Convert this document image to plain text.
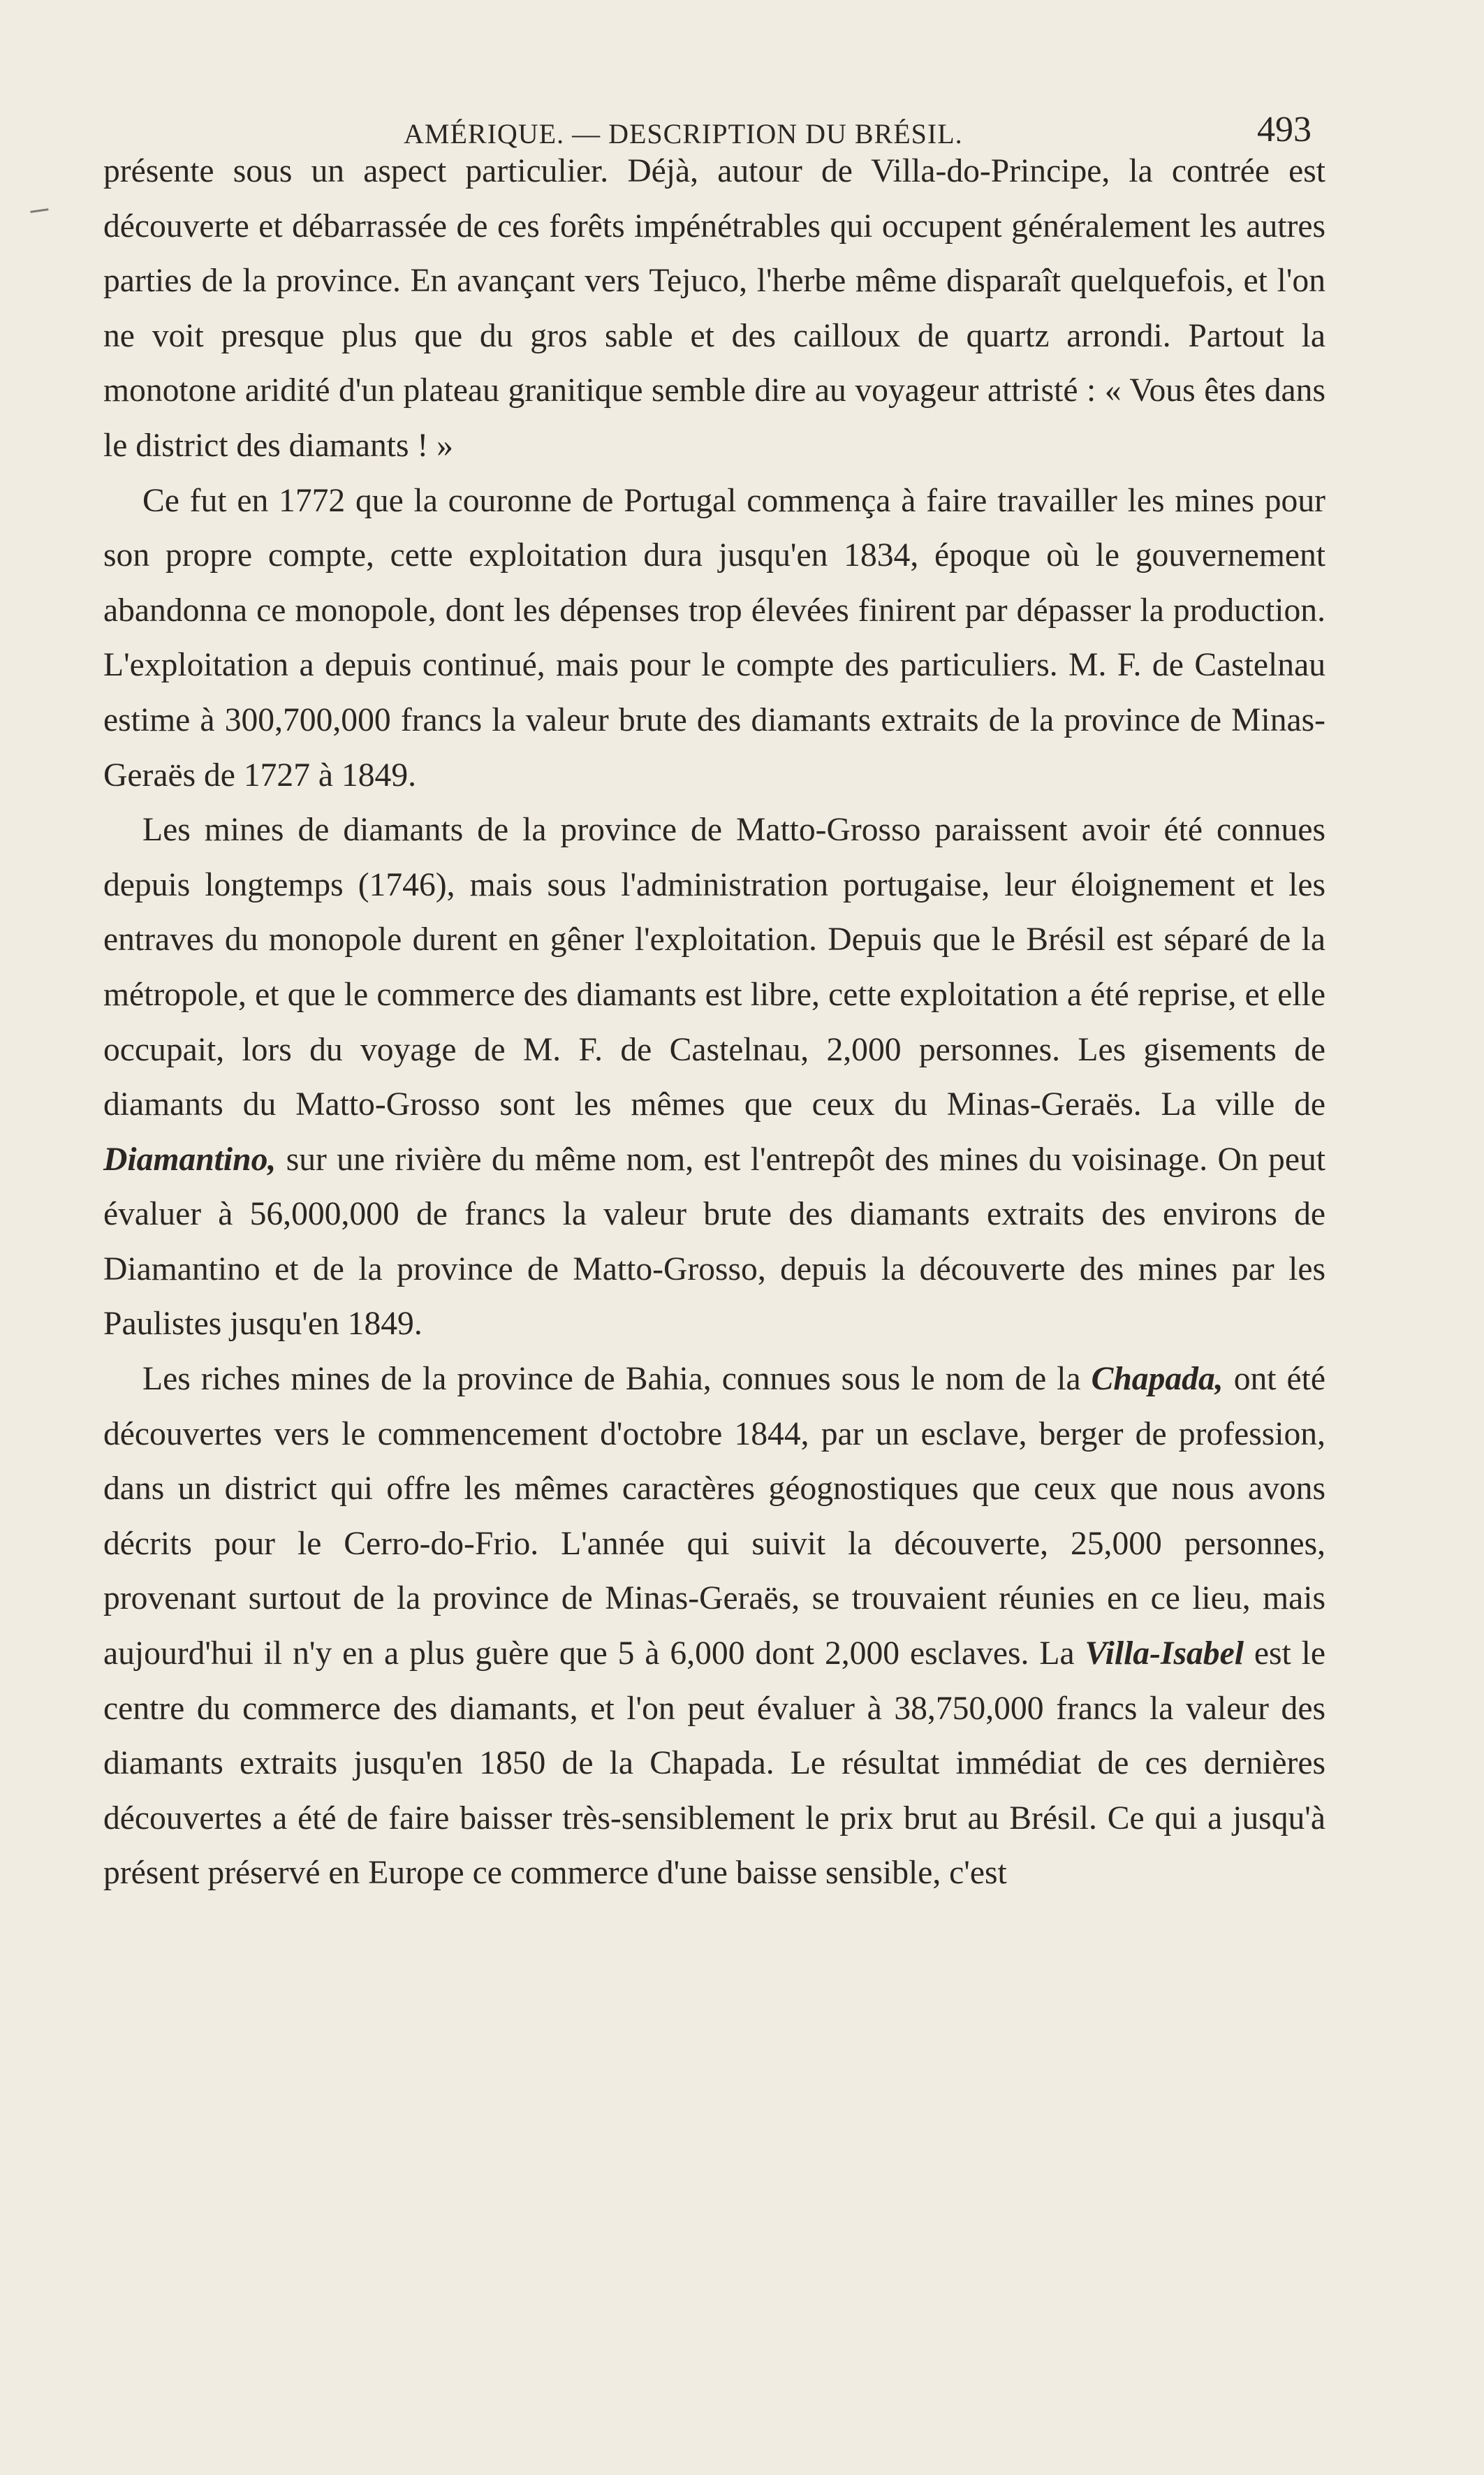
AMÉRIQUE. — DESCRIPTION DU BRÉSIL.	493

présente sous un aspect particulier. Déjà, autour de Villa-do-Principe, la contrée est découverte et débarrassée de ces forêts impénétrables qui occupent généralement les autres parties de la province. En avançant vers Tejuco, l'herbe même disparaît quelquefois, et l'on ne voit presque plus que du gros sable et des cailloux de quartz arrondi. Partout la monotone aridité d'un plateau granitique semble dire au voyageur attristé : « Vous êtes dans le district des diamants ! »

Ce fut en 1772 que la couronne de Portugal commença à faire travailler les mines pour son propre compte, cette exploitation dura jusqu'en 1834, époque où le gouvernement abandonna ce monopole, dont les dépenses trop élevées finirent par dépasser la production. L'exploitation a depuis continué, mais pour le compte des particuliers. M. F. de Castelnau estime à 300,700,000 francs la valeur brute des diamants extraits de la province de Minas-Geraës de 1727 à 1849.

Les mines de diamants de la province de Matto-Grosso paraissent avoir été connues depuis longtemps (1746), mais sous l'administration portugaise, leur éloignement et les entraves du monopole durent en gêner l'exploitation. Depuis que le Brésil est séparé de la métropole, et que le commerce des diamants est libre, cette exploitation a été reprise, et elle occupait, lors du voyage de M. F. de Castelnau, 2,000 personnes. Les gisements de diamants du Matto-Grosso sont les mêmes que ceux du Minas-Geraës. La ville de Diamantino, sur une rivière du même nom, est l'entrepôt des mines du voisinage. On peut évaluer à 56,000,000 de francs la valeur brute des diamants extraits des environs de Diamantino et de la province de Matto-Grosso, depuis la découverte des mines par les Paulistes jusqu'en 1849.

Les riches mines de la province de Bahia, connues sous le nom de la Chapada, ont été découvertes vers le commencement d'octobre 1844, par un esclave, berger de profession, dans un district qui offre les mêmes caractères géognostiques que ceux que nous avons décrits pour le Cerro-do-Frio. L'année qui suivit la découverte, 25,000 personnes, provenant surtout de la province de Minas-Geraës, se trouvaient réunies en ce lieu, mais aujourd'hui il n'y en a plus guère que 5 à 6,000 dont 2,000 esclaves. La Villa-Isabel est le centre du commerce des diamants, et l'on peut évaluer à 38,750,000 francs la valeur des diamants extraits jusqu'en 1850 de la Chapada. Le résultat immédiat de ces dernières découvertes a été de faire baisser très-sensiblement le prix brut au Brésil. Ce qui a jusqu'à présent préservé en Europe ce commerce d'une baisse sensible, c'est
